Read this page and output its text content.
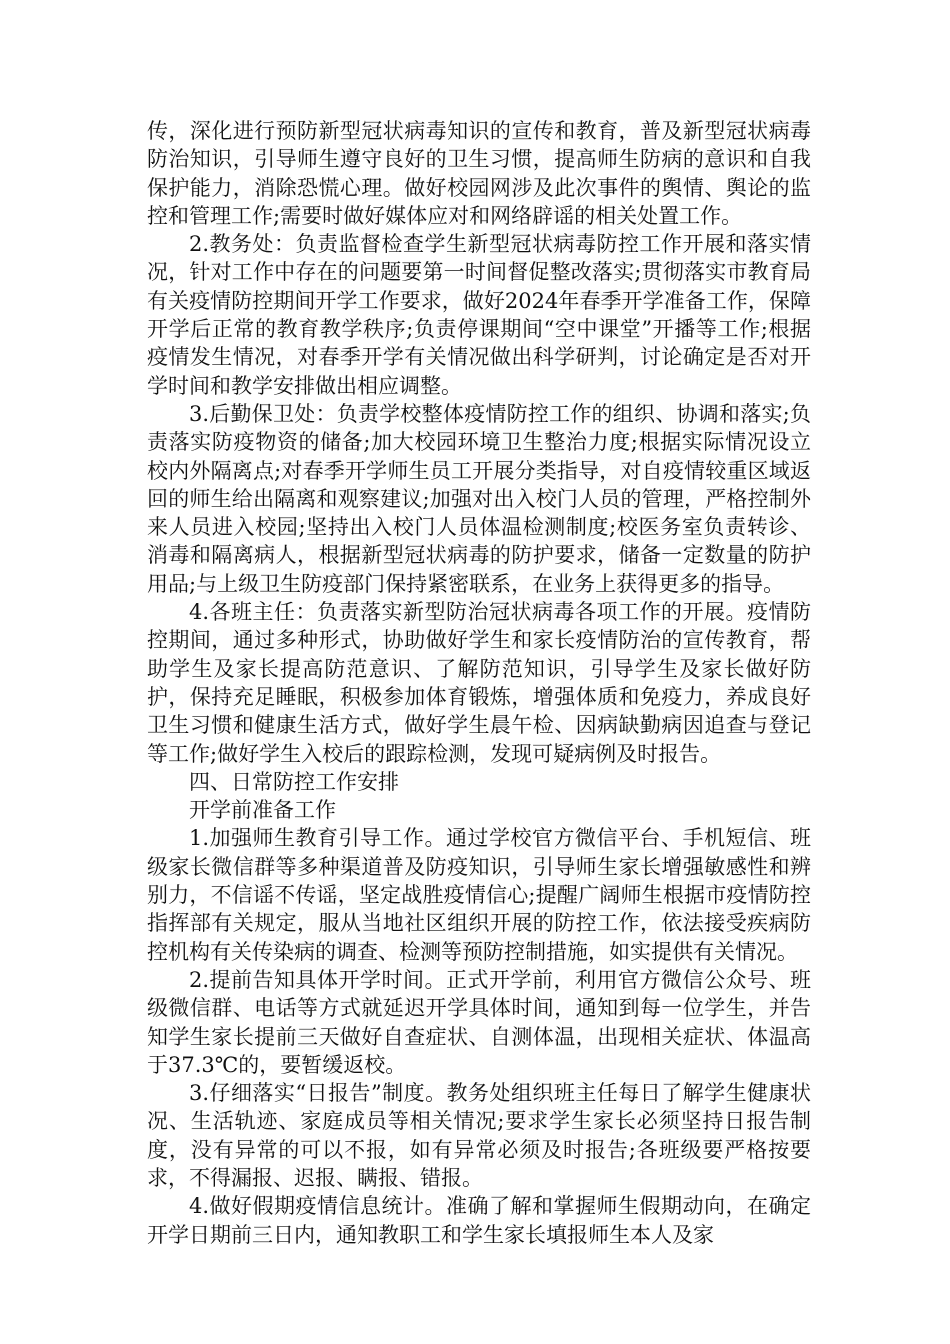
传，深化进行预防新型冠状病毒知识的宣传和教育，普及新型冠状病毒防治知识，引导师生遵守良好的卫生习惯，提高师生防病的意识和自我保护能力，消除恐慌心理。做好校园网涉及此次事件的舆情、舆论的监控和管理工作;需要时做好媒体应对和网络辟谣的相关处置工作。

2.教务处：负责监督检查学生新型冠状病毒防控工作开展和落实情况，针对工作中存在的问题要第一时间督促整改落实;贯彻落实市教育局有关疫情防控期间开学工作要求，做好2024年春季开学准备工作，保障开学后正常的教育教学秩序;负责停课期间“空中课堂”开播等工作;根据疫情发生情况，对春季开学有关情况做出科学研判，讨论确定是否对开学时间和教学安排做出相应调整。

3.后勤保卫处：负责学校整体疫情防控工作的组织、协调和落实;负责落实防疫物资的储备;加大校园环境卫生整治力度;根据实际情况设立校内外隔离点;对春季开学师生员工开展分类指导，对自疫情较重区域返回的师生给出隔离和观察建议;加强对出入校门人员的管理，严格控制外来人员进入校园;坚持出入校门人员体温检测制度;校医务室负责转诊、消毒和隔离病人，根据新型冠状病毒的防护要求，储备一定数量的防护用品;与上级卫生防疫部门保持紧密联系，在业务上获得更多的指导。

4.各班主任：负责落实新型防治冠状病毒各项工作的开展。疫情防控期间，通过多种形式，协助做好学生和家长疫情防治的宣传教育，帮助学生及家长提高防范意识、了解防范知识，引导学生及家长做好防护，保持充足睡眠，积极参加体育锻炼，增强体质和免疫力，养成良好卫生习惯和健康生活方式，做好学生晨午检、因病缺勤病因追查与登记等工作;做好学生入校后的跟踪检测，发现可疑病例及时报告。

四、日常防控工作安排

开学前准备工作

1.加强师生教育引导工作。通过学校官方微信平台、手机短信、班级家长微信群等多种渠道普及防疫知识，引导师生家长增强敏感性和辨别力，不信谣不传谣，坚定战胜疫情信心;提醒广阔师生根据市疫情防控指挥部有关规定，服从当地社区组织开展的防控工作，依法接受疾病防控机构有关传染病的调查、检测等预防控制措施，如实提供有关情况。

2.提前告知具体开学时间。正式开学前，利用官方微信公众号、班级微信群、电话等方式就延迟开学具体时间，通知到每一位学生，并告知学生家长提前三天做好自查症状、自测体温，出现相关症状、体温高于37.3℃的，要暂缓返校。

3.仔细落实“日报告”制度。教务处组织班主任每日了解学生健康状况、生活轨迹、家庭成员等相关情况;要求学生家长必须坚持日报告制度，没有异常的可以不报，如有异常必须及时报告;各班级要严格按要求，不得漏报、迟报、瞒报、错报。

4.做好假期疫情信息统计。准确了解和掌握师生假期动向，在确定开学日期前三日内，通知教职工和学生家长填报师生本人及家
